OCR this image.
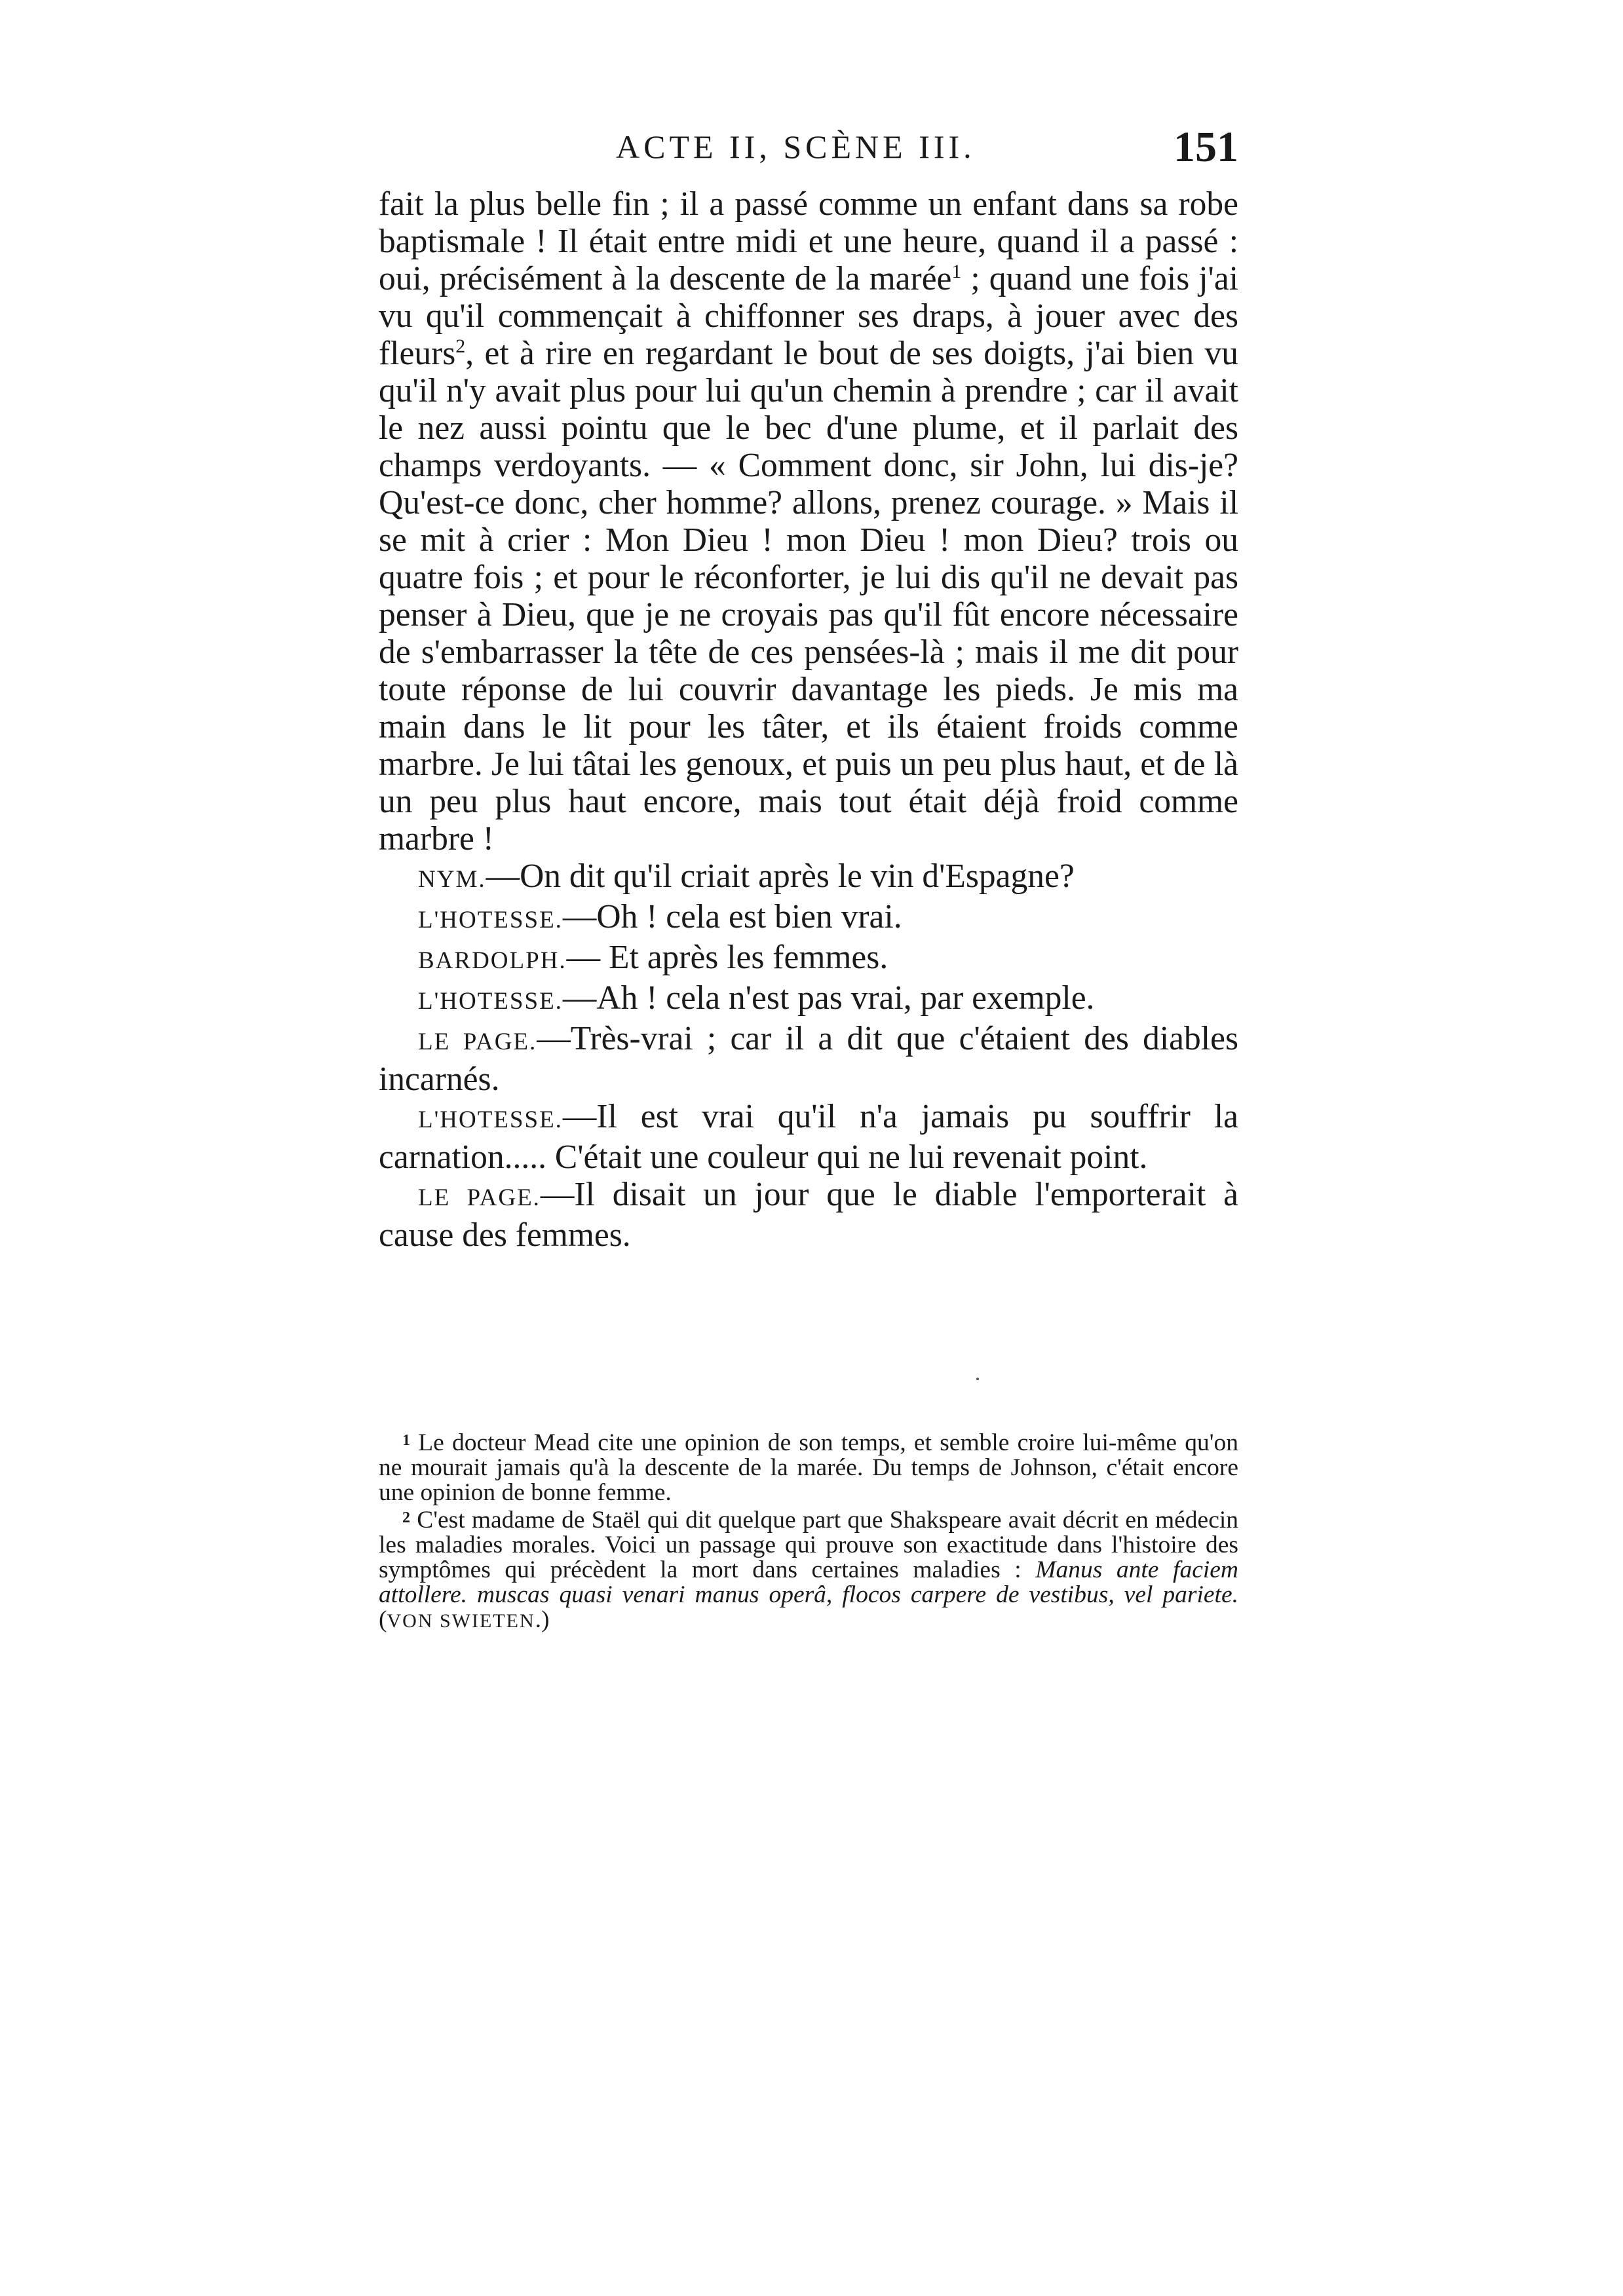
ACTE II, SCÈNE III.	151

fait la plus belle fin ; il a passé comme un enfant dans sa robe baptismale ! Il était entre midi et une heure, quand il a passé : oui, précisément à la descente de la marée$^1$ ; quand une fois j'ai vu qu'il commençait à chiffonner ses draps, à jouer avec des fleurs$^2$, et à rire en regardant le bout de ses doigts, j'ai bien vu qu'il n'y avait plus pour lui qu'un chemin à prendre ; car il avait le nez aussi pointu que le bec d'une plume, et il parlait des champs verdoyants. — « Comment donc, sir John, lui dis-je? Qu'est-ce donc, cher homme? allons, prenez courage. » Mais il se mit à crier : Mon Dieu ! mon Dieu ! mon Dieu? trois ou quatre fois ; et pour le réconforter, je lui dis qu'il ne devait pas penser à Dieu, que je ne croyais pas qu'il fût encore nécessaire de s'embarrasser la tête de ces pensées-là ; mais il me dit pour toute réponse de lui couvrir davantage les pieds. Je mis ma main dans le lit pour les tâter, et ils étaient froids comme marbre. Je lui tâtai les genoux, et puis un peu plus haut, et de là un peu plus haut encore, mais tout était déjà froid comme marbre !

NYM.—On dit qu'il criait après le vin d'Espagne?

L'HOTESSE.—Oh ! cela est bien vrai.

BARDOLPH.— Et après les femmes.

L'HOTESSE.—Ah ! cela n'est pas vrai, par exemple.

LE PAGE.—Très-vrai ; car il a dit que c'étaient des diables incarnés.

L'HOTESSE.—Il est vrai qu'il n'a jamais pu souffrir la carnation..... C'était une couleur qui ne lui revenait point.

LE PAGE.—Il disait un jour que le diable l'emporterait à cause des femmes.

$^1$ Le docteur Mead cite une opinion de son temps, et semble croire lui-même qu'on ne mourait jamais qu'à la descente de la marée. Du temps de Johnson, c'était encore une opinion de bonne femme.

$^2$ C'est madame de Staël qui dit quelque part que Shakspeare avait décrit en médecin les maladies morales. Voici un passage qui prouve son exactitude dans l'histoire des symptômes qui précèdent la mort dans certaines maladies : Manus ante faciem attollere. muscas quasi venari manus operâ, flocos carpere de vestibus, vel pariete. (VON SWIETEN.)
